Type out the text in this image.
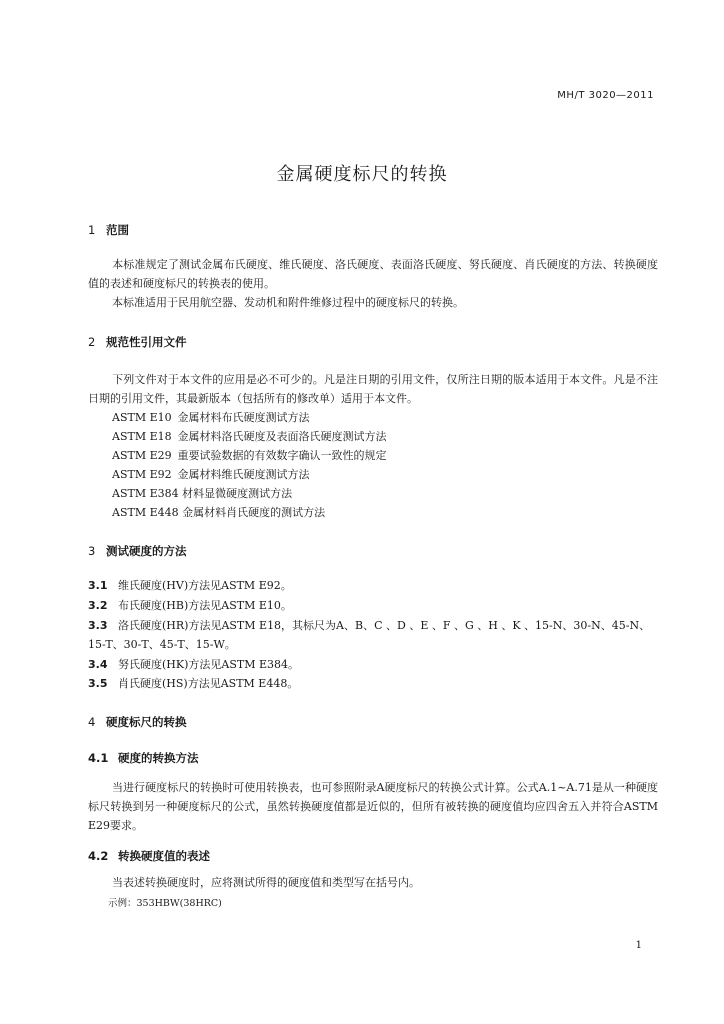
MH/T 3020—2011
金属硬度标尺的转换
1 范围
本标准规定了测试金属布氏硬度、维氏硬度、洛氏硬度、表面洛氏硬度、努氏硬度、肖氏硬度的方法、转换硬度值的表述和硬度标尺的转换表的使用。
本标准适用于民用航空器、发动机和附件维修过程中的硬度标尺的转换。
2 规范性引用文件
下列文件对于本文件的应用是必不可少的。凡是注日期的引用文件，仅所注日期的版本适用于本文件。凡是不注日期的引用文件，其最新版本（包括所有的修改单）适用于本文件。
ASTM E10 金属材料布氏硬度测试方法
ASTM E18 金属材料洛氏硬度及表面洛氏硬度测试方法
ASTM E29 重要试验数据的有效数字确认一致性的规定
ASTM E92 金属材料维氏硬度测试方法
ASTM E384 材料显微硬度测试方法
ASTM E448 金属材料肖氏硬度的测试方法
3 测试硬度的方法
3.1 维氏硬度(HV)方法见ASTM E92。
3.2 布氏硬度(HB)方法见ASTM E10。
3.3 洛氏硬度(HR)方法见ASTM E18，其标尺为A、B、C 、D 、E 、F 、G 、H 、K 、15-N、30-N、45-N、
15-T、30-T、45-T、15-W。
3.4 努氏硬度(HK)方法见ASTM E384。
3.5 肖氏硬度(HS)方法见ASTM E448。
4 硬度标尺的转换
4.1 硬度的转换方法
当进行硬度标尺的转换时可使用转换表，也可参照附录A硬度标尺的转换公式计算。公式A.1~A.71是从一种硬度标尺转换到另一种硬度标尺的公式，虽然转换硬度值都是近似的，但所有被转换的硬度值均应四舍五入并符合ASTM E29要求。
4.2 转换硬度值的表述
当表述转换硬度时，应将测试所得的硬度值和类型写在括号内。
示例：353HBW(38HRC)
1
